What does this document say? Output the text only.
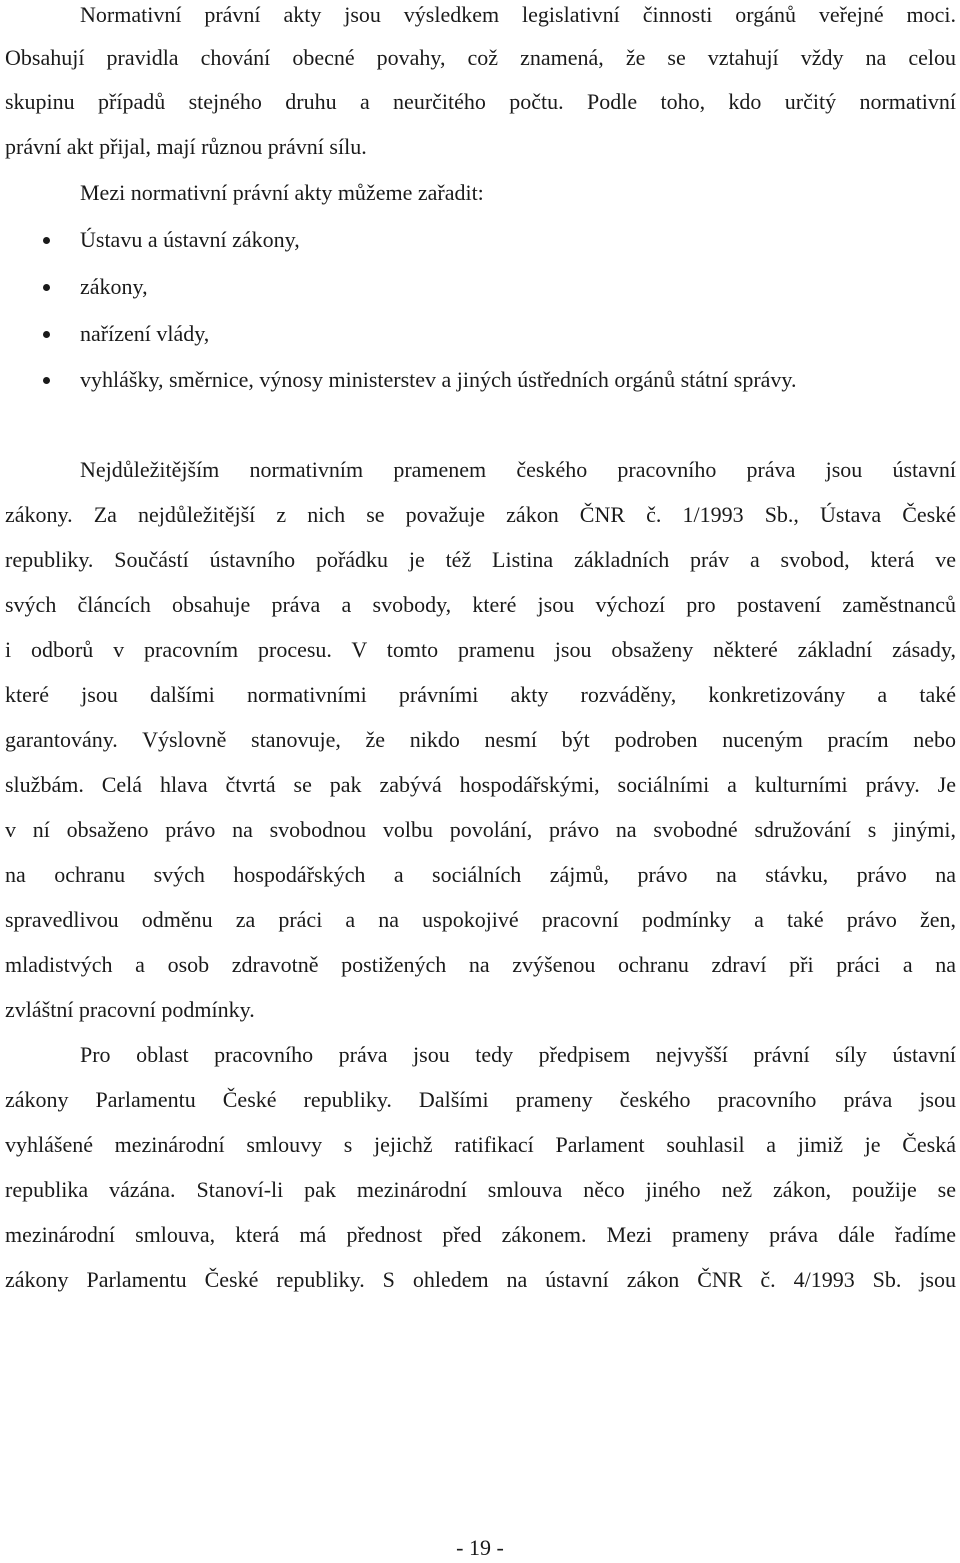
Normativní právní akty jsou výsledkem legislativní činnosti orgánů veřejné moci.
Obsahují pravidla chování obecné povahy, což znamená, že se vztahují vždy na celou
skupinu případů stejného druhu a neurčitého počtu. Podle toho, kdo určitý normativní
právní akt přijal, mají různou právní sílu.
Mezi normativní právní akty můžeme zařadit:
Ústavu a ústavní zákony,
zákony,
nařízení vlády,
vyhlášky, směrnice, výnosy ministerstev a jiných ústředních orgánů státní správy.
Nejdůležitějším normativním pramenem českého pracovního práva jsou ústavní
zákony. Za nejdůležitější z nich se považuje zákon ČNR č. 1/1993 Sb., Ústava České
republiky. Součástí ústavního pořádku je též Listina základních práv a svobod, která ve
svých článcích obsahuje práva a svobody, které jsou výchozí pro postavení zaměstnanců
i odborů v pracovním procesu. V tomto pramenu jsou obsaženy některé základní zásady,
které jsou dalšími normativními právními akty rozváděny, konkretizovány a také
garantovány. Výslovně stanovuje, že nikdo nesmí být podroben nuceným pracím nebo
službám. Celá hlava čtvrtá se pak zabývá hospodářskými, sociálními a kulturními právy. Je
v ní obsaženo právo na svobodnou volbu povolání, právo na svobodné sdružování s jinými,
na ochranu svých hospodářských a sociálních zájmů, právo na stávku, právo na
spravedlivou odměnu za práci a na uspokojivé pracovní podmínky a také právo žen,
mladistvých a osob zdravotně postižených na zvýšenou ochranu zdraví při práci a na
zvláštní pracovní podmínky.
Pro oblast pracovního práva jsou tedy předpisem nejvyšší právní síly ústavní
zákony Parlamentu České republiky. Dalšími prameny českého pracovního práva jsou
vyhlášené mezinárodní smlouvy s jejichž ratifikací Parlament souhlasil a jimiž je Česká
republika vázána. Stanoví-li pak mezinárodní smlouva něco jiného než zákon, použije se
mezinárodní smlouva, která má přednost před zákonem. Mezi prameny práva dále řadíme
zákony Parlamentu České republiky. S ohledem na ústavní zákon ČNR č. 4/1993 Sb. jsou
- 19 -
